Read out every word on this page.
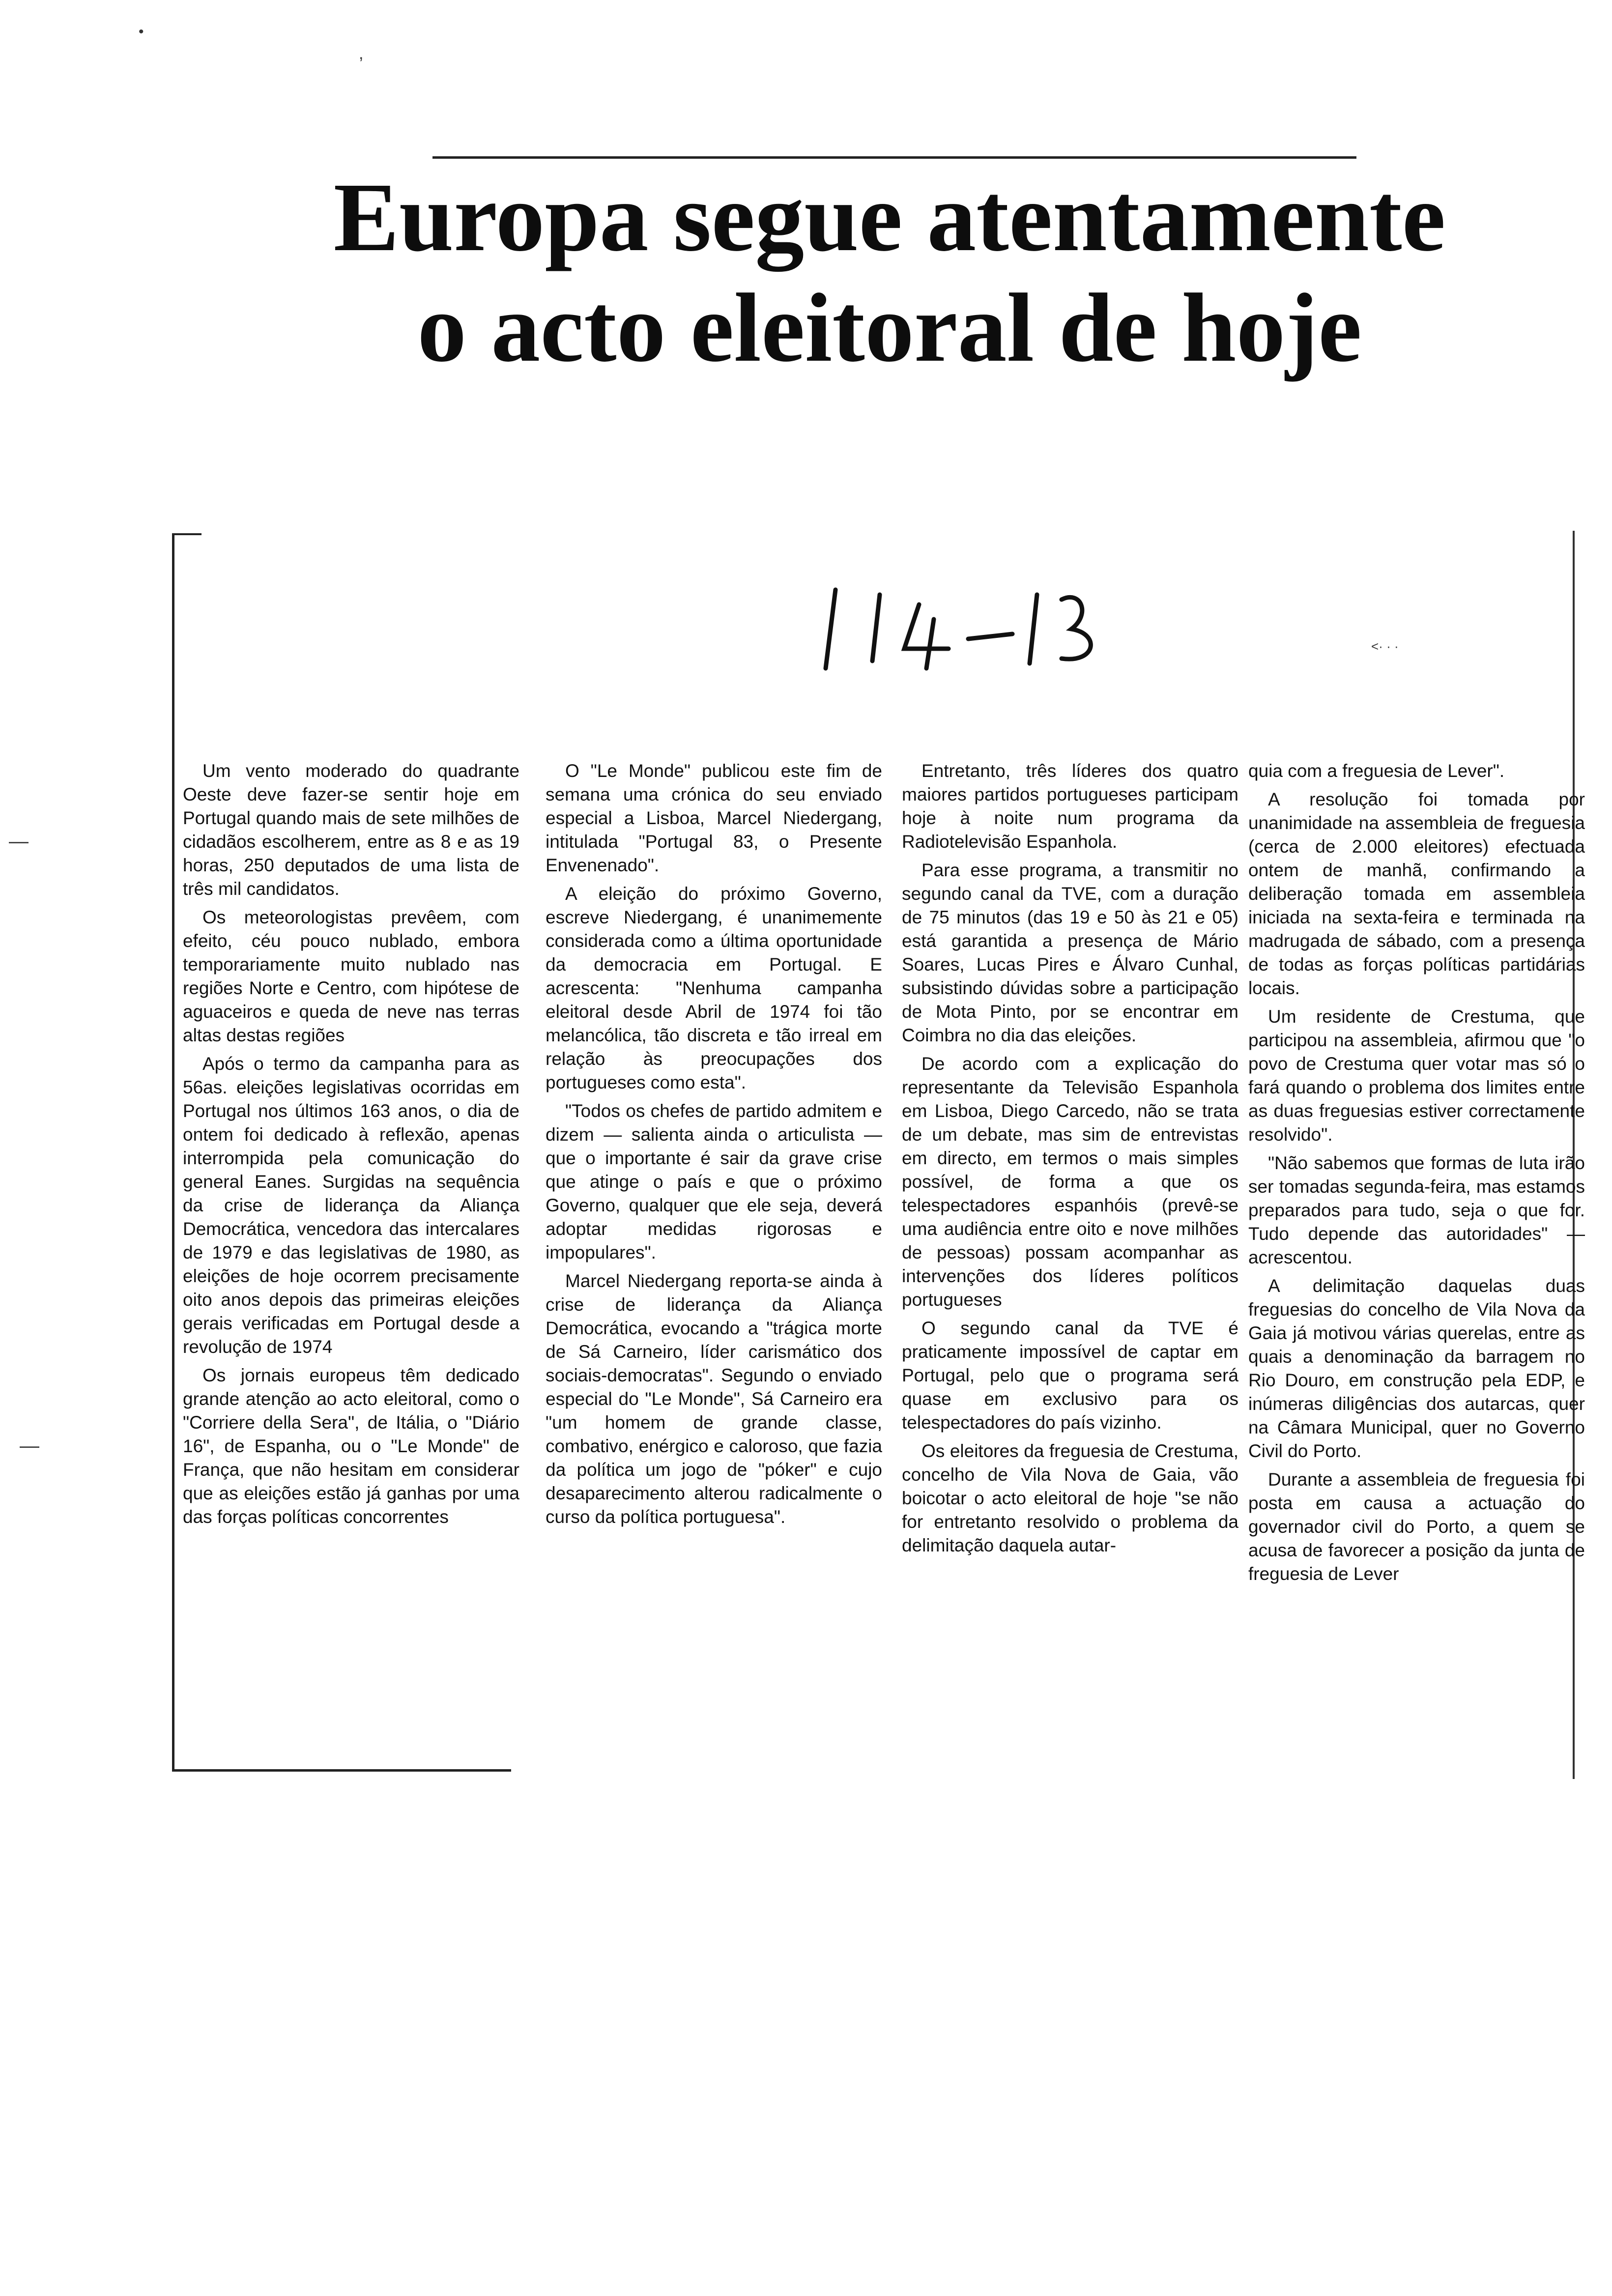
•
,
—
—
<· · ·
Europa segue atentamente
o acto eleitoral de hoje

Um vento moderado do quadrante Oeste deve fazer-se sentir hoje em Portugal quando mais de sete milhões de cidadãos escolherem, entre as 8 e as 19 horas, 250 deputados de uma lista de três mil candidatos.

Os meteorologistas prevêem, com efeito, céu pouco nublado, embora temporariamente muito nublado nas regiões Norte e Centro, com hipótese de aguaceiros e queda de neve nas terras altas destas regiões

Após o termo da campanha para as 56as. eleições legislativas ocorridas em Portugal nos últimos 163 anos, o dia de ontem foi dedicado à reflexão, apenas interrompida pela comunicação do general Eanes. Surgidas na sequência da crise de liderança da Aliança Democrática, vencedora das intercalares de 1979 e das legislativas de 1980, as eleições de hoje ocorrem precisamente oito anos depois das primeiras eleições gerais verificadas em Portugal desde a revolução de 1974

Os jornais europeus têm dedicado grande atenção ao acto eleitoral, como o "Corriere della Sera", de Itália, o "Diário 16", de Espanha, ou o "Le Monde" de França, que não hesitam em considerar que as eleições estão já ganhas por uma das forças políticas concorrentes

O "Le Monde" publicou este fim de semana uma crónica do seu enviado especial a Lisboa, Marcel Niedergang, intitulada "Portugal 83, o Presente Envenenado".

A eleição do próximo Governo, escreve Niedergang, é unanimemente considerada como a última oportunidade da democracia em Portugal. E acrescenta: "Nenhuma campanha eleitoral desde Abril de 1974 foi tão melancólica, tão discreta e tão irreal em relação às preocupações dos portugueses como esta".

"Todos os chefes de partido admitem e dizem — salienta ainda o articulista — que o importante é sair da grave crise que atinge o país e que o próximo Governo, qualquer que ele seja, deverá adoptar medidas rigorosas e impopulares".

Marcel Niedergang reporta-se ainda à crise de liderança da Aliança Democrática, evocando a "trágica morte de Sá Carneiro, líder carismático dos sociais-democratas". Segundo o enviado especial do "Le Monde", Sá Carneiro era "um homem de grande classe, combativo, enérgico e caloroso, que fazia da política um jogo de "póker" e cujo desaparecimento alterou radicalmente o curso da política portuguesa".

Entretanto, três líderes dos quatro maiores partidos portugueses participam hoje à noite num programa da Radiotelevisão Espanhola.

Para esse programa, a transmitir no segundo canal da TVE, com a duração de 75 minutos (das 19 e 50 às 21 e 05) está garantida a presença de Mário Soares, Lucas Pires e Álvaro Cunhal, subsistindo dúvidas sobre a participação de Mota Pinto, por se encontrar em Coimbra no dia das eleições.

De acordo com a explicação do representante da Televisão Espanhola em Lisboa, Diego Carcedo, não se trata de um debate, mas sim de entrevistas em directo, em termos o mais simples possível, de forma a que os telespectadores espanhóis (prevê-se uma audiência entre oito e nove milhões de pessoas) possam acompanhar as intervenções dos líderes políticos portugueses

O segundo canal da TVE é praticamente impossível de captar em Portugal, pelo que o programa será quase em exclusivo para os telespectadores do país vizinho.

Os eleitores da freguesia de Crestuma, concelho de Vila Nova de Gaia, vão boicotar o acto eleitoral de hoje "se não for entretanto resolvido o problema da delimitação daquela autar-

quia com a freguesia de Lever".

A resolução foi tomada por unanimidade na assembleia de freguesia (cerca de 2.000 eleitores) efectuada ontem de manhã, confirmando a deliberação tomada em assembleia iniciada na sexta-feira e terminada na madrugada de sábado, com a presença de todas as forças políticas partidárias locais.

Um residente de Crestuma, que participou na assembleia, afirmou que "o povo de Crestuma quer votar mas só o fará quando o problema dos limites entre as duas freguesias estiver correctamente resolvido".

"Não sabemos que formas de luta irão ser tomadas segunda-feira, mas estamos preparados para tudo, seja o que for. Tudo depende das autoridades" — acrescentou.

A delimitação daquelas duas freguesias do concelho de Vila Nova da Gaia já motivou várias querelas, entre as quais a denominação da barragem no Rio Douro, em construção pela EDP, e inúmeras diligências dos autarcas, quer na Câmara Municipal, quer no Governo Civil do Porto.

Durante a assembleia de freguesia foi posta em causa a actuação do governador civil do Porto, a quem se acusa de favorecer a posição da junta de freguesia de Lever
